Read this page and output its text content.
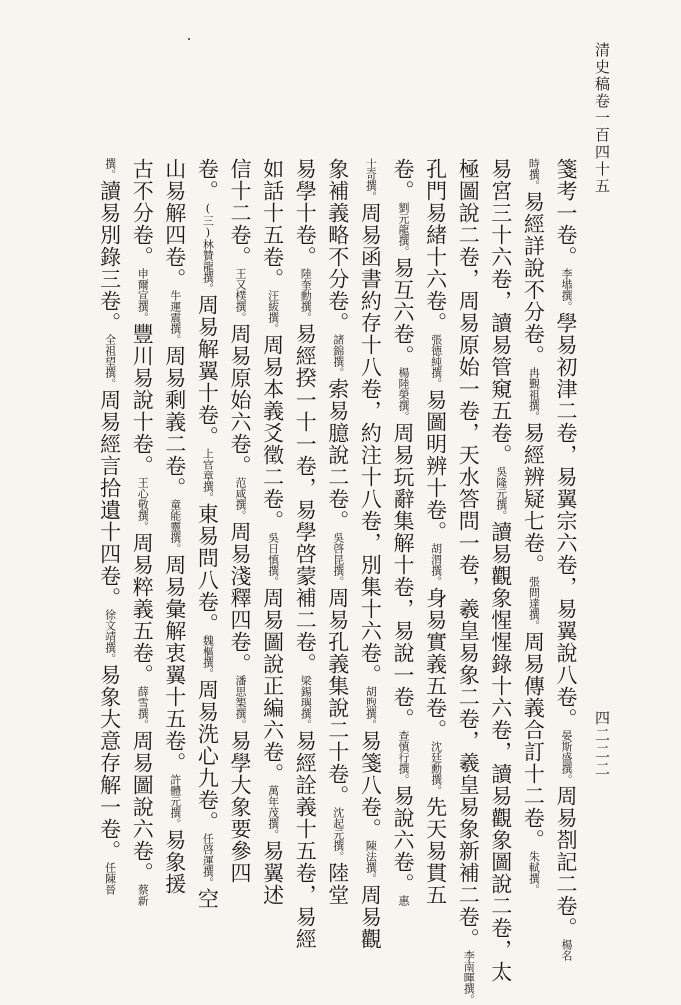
清史稿卷一百四十五
四二二二
箋考一卷。李塨撰。學易初津二卷，易翼宗六卷，易翼說八卷。晏斯盛撰。周易剳記二卷。楊名
時撰。易經詳說不分卷。冉覲祖撰。易經辨疑七卷。張問達撰。周易傳義合訂十二卷。朱軾撰。
易宮三十六卷，讀易管窺五卷。吳隆元撰。讀易觀象惺惺錄十六卷，讀易觀象圖說二卷，太
極圖說二卷，周易原始一卷，天水答問一卷，羲皇易象二卷，羲皇易象新補二卷。李南暉撰。
孔門易緒十六卷。張德純撰。易圖明辨十卷。胡渭撰。身易實義五卷。沈廷勳撰。先天易貫五
卷。劉元龍撰。易互六卷。楊陸榮撰。周易玩辭集解十卷，易說一卷。查慎行撰。易說六卷。惠
士奇撰。周易函書約存十八卷，約注十八卷，別集十六卷。胡煦撰。易箋八卷。陳法撰。周易觀
象補義略不分卷。諸錦撰。索易臆說二卷。吳啓昆撰。周易孔義集說二十卷。沈起元撰。陸堂
易學十卷。陸奎勳撰。易經揆一十一卷，易學啓蒙補二卷。梁錫璵撰。易經詮義十五卷，易經
如話十五卷。汪紱撰。周易本義爻徵二卷。吳日慎撰。周易圖說正編六卷。萬年茂撰。易翼述
信十二卷。王又樸撰。周易原始六卷。范咸撰。周易淺釋四卷。潘思榘撰。易學大象要參四
卷。(三)林贊龍撰。周易解翼十卷。上官章撰。東易問八卷。魏樞撰。周易洗心九卷。任啓運撰。空
山易解四卷。牛運震撰。周易剩義二卷。童能靈撰。周易彙解衷翼十五卷。許體元撰。易象援
古不分卷。申爾宣撰。豐川易說十卷。王心敬撰。周易粹義五卷。薛雪撰。周易圖說六卷。蔡新
撰。讀易別錄三卷。全祖望撰。周易經言拾遺十四卷。徐文靖撰。易象大意存解一卷。任陳晉
